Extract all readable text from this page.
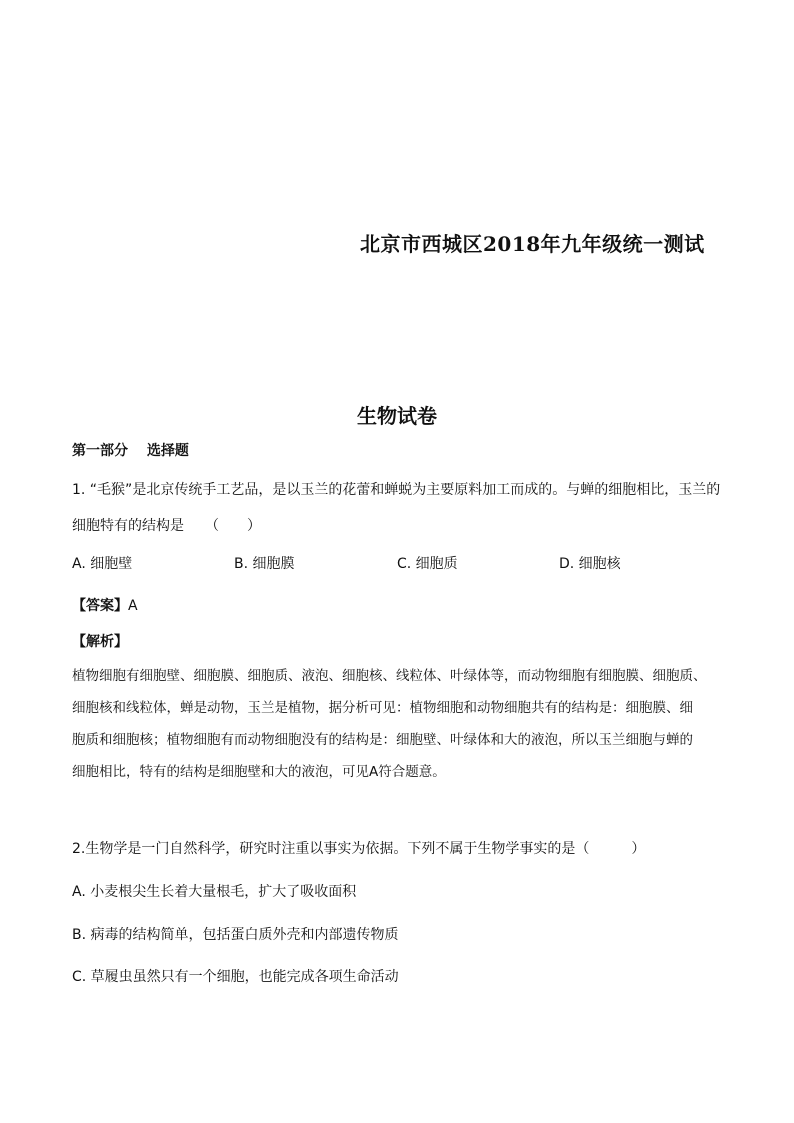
北京市西城区2018年九年级统一测试
生物试卷
第一部分　 选择题
1. “毛猴”是北京传统手工艺品，是以玉兰的花蕾和蝉蜕为主要原料加工而成的。与蝉的细胞相比，玉兰的
细胞特有的结构是　　（　　）
A. 细胞壁	B. 细胞膜	C. 细胞质	D. 细胞核
【答案】A
【解析】
植物细胞有细胞壁、细胞膜、细胞质、液泡、细胞核、线粒体、叶绿体等，而动物细胞有细胞膜、细胞质、
细胞核和线粒体，蝉是动物，玉兰是植物，据分析可见：植物细胞和动物细胞共有的结构是：细胞膜、细
胞质和细胞核；植物细胞有而动物细胞没有的结构是：细胞壁、叶绿体和大的液泡，所以玉兰细胞与蝉的
细胞相比，特有的结构是细胞壁和大的液泡，可见A符合题意。
2.生物学是一门自然科学，研究时注重以事实为依据。下列不属于生物学事实的是（　　　）
A. 小麦根尖生长着大量根毛，扩大了吸收面积
B. 病毒的结构简单，包括蛋白质外壳和内部遗传物质
C. 草履虫虽然只有一个细胞，也能完成各项生命活动
